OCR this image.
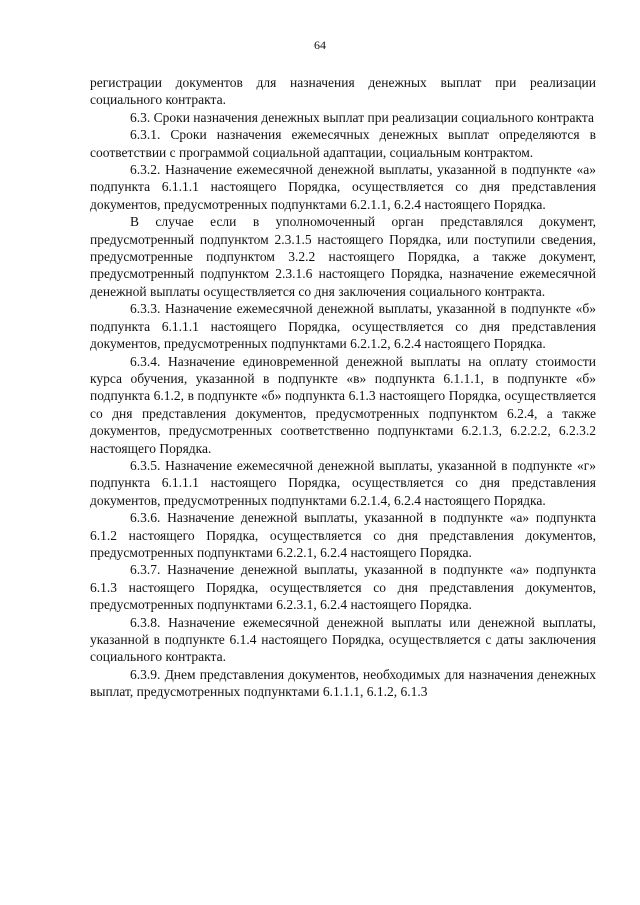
64

регистрации документов для назначения денежных выплат при реализации социального контракта.

6.3. Сроки назначения денежных выплат при реализации социального контракта

6.3.1. Сроки назначения ежемесячных денежных выплат определяются в соответствии с программой социальной адаптации, социальным контрактом.

6.3.2. Назначение ежемесячной денежной выплаты, указанной в подпункте «а» подпункта 6.1.1.1 настоящего Порядка, осуществляется со дня представления документов, предусмотренных подпунктами 6.2.1.1, 6.2.4 настоящего Порядка.

В случае если в уполномоченный орган представлялся документ, предусмотренный подпунктом 2.3.1.5 настоящего Порядка, или поступили сведения, предусмотренные подпунктом 3.2.2 настоящего Порядка, а также документ, предусмотренный подпунктом 2.3.1.6 настоящего Порядка, назначение ежемесячной денежной выплаты осуществляется со дня заключения социального контракта.

6.3.3. Назначение ежемесячной денежной выплаты, указанной в подпункте «б» подпункта 6.1.1.1 настоящего Порядка, осуществляется со дня представления документов, предусмотренных подпунктами 6.2.1.2, 6.2.4 настоящего Порядка.

6.3.4. Назначение единовременной денежной выплаты на оплату стоимости курса обучения, указанной в подпункте «в» подпункта 6.1.1.1, в подпункте «б» подпункта 6.1.2, в подпункте «б» подпункта 6.1.3 настоящего Порядка, осуществляется со дня представления документов, предусмотренных подпунктом 6.2.4, а также документов, предусмотренных соответственно подпунктами 6.2.1.3, 6.2.2.2, 6.2.3.2 настоящего Порядка.

6.3.5. Назначение ежемесячной денежной выплаты, указанной в подпункте «г» подпункта 6.1.1.1 настоящего Порядка, осуществляется со дня представления документов, предусмотренных подпунктами 6.2.1.4, 6.2.4 настоящего Порядка.

6.3.6. Назначение денежной выплаты, указанной в подпункте «а» подпункта 6.1.2 настоящего Порядка, осуществляется со дня представления документов, предусмотренных подпунктами 6.2.2.1, 6.2.4 настоящего Порядка.

6.3.7. Назначение денежной выплаты, указанной в подпункте «а» подпункта 6.1.3 настоящего Порядка, осуществляется со дня представления документов, предусмотренных подпунктами 6.2.3.1, 6.2.4 настоящего Порядка.

6.3.8. Назначение ежемесячной денежной выплаты или денежной выплаты, указанной в подпункте 6.1.4 настоящего Порядка, осуществляется с даты заключения социального контракта.

6.3.9. Днем представления документов, необходимых для назначения денежных выплат, предусмотренных подпунктами 6.1.1.1, 6.1.2, 6.1.3
